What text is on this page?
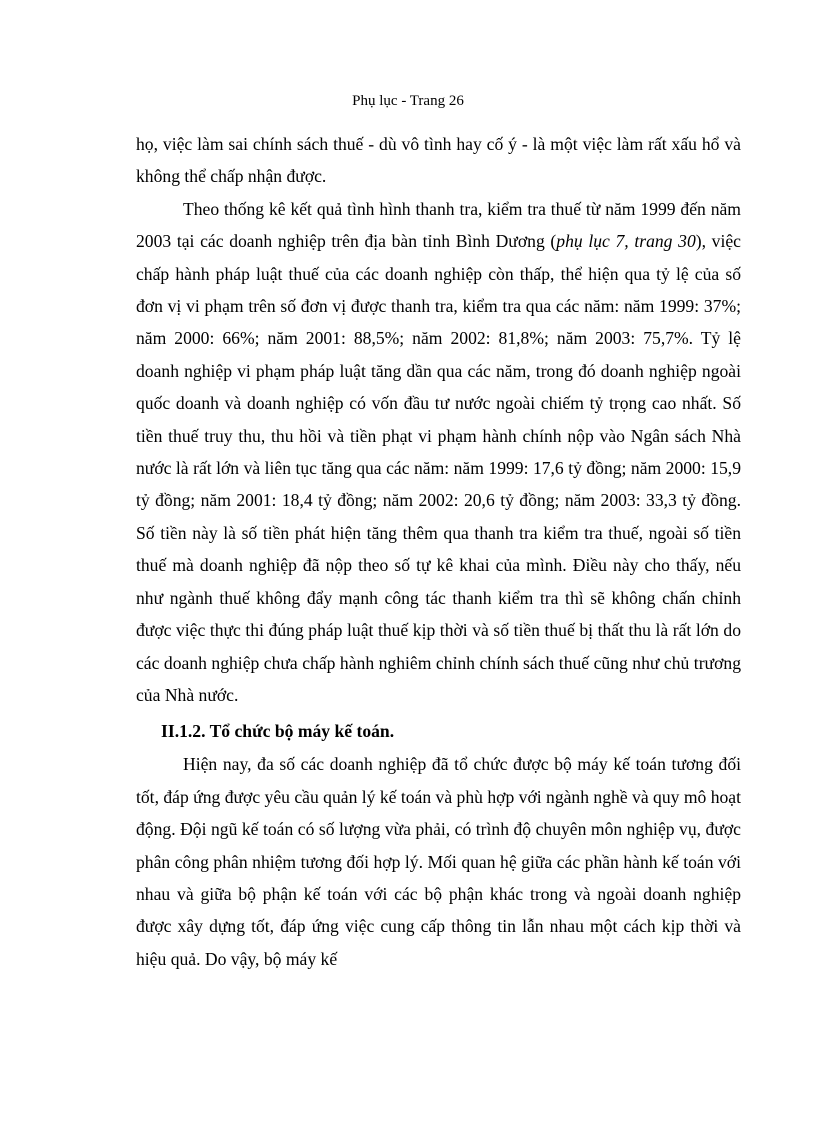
Phụ lục - Trang 26

họ, việc làm sai chính sách thuế - dù vô tình hay cố ý - là một việc làm rất xấu hổ và không thể chấp nhận được.

Theo thống kê kết quả tình hình thanh tra, kiểm tra thuế từ năm 1999 đến năm 2003 tại các doanh nghiệp trên địa bàn tỉnh Bình Dương (phụ lục 7, trang 30), việc chấp hành pháp luật thuế của các doanh nghiệp còn thấp, thể hiện qua tỷ lệ của số đơn vị vi phạm trên số đơn vị được thanh tra, kiểm tra qua các năm: năm 1999: 37%; năm 2000: 66%; năm 2001: 88,5%; năm 2002: 81,8%; năm 2003: 75,7%. Tỷ lệ doanh nghiệp vi phạm pháp luật tăng dần qua các năm, trong đó doanh nghiệp ngoài quốc doanh và doanh nghiệp có vốn đầu tư nước ngoài chiếm tỷ trọng cao nhất. Số tiền thuế truy thu, thu hồi và tiền phạt vi phạm hành chính nộp vào Ngân sách Nhà nước là rất lớn và liên tục tăng qua các năm: năm 1999: 17,6 tỷ đồng; năm 2000: 15,9 tỷ đồng; năm 2001: 18,4 tỷ đồng; năm 2002: 20,6 tỷ đồng; năm 2003: 33,3 tỷ đồng. Số tiền này là số tiền phát hiện tăng thêm qua thanh tra kiểm tra thuế, ngoài số tiền thuế mà doanh nghiệp đã nộp theo số tự kê khai của mình. Điều này cho thấy, nếu như ngành thuế không đẩy mạnh công tác thanh kiểm tra thì sẽ không chấn chỉnh được việc thực thi đúng pháp luật thuế kịp thời và số tiền thuế bị thất thu là rất lớn do các doanh nghiệp chưa chấp hành nghiêm chỉnh chính sách thuế cũng như chủ trương của Nhà nước.

II.1.2. Tổ chức bộ máy kế toán.

Hiện nay, đa số các doanh nghiệp đã tổ chức được bộ máy kế toán tương đối tốt, đáp ứng được yêu cầu quản lý kế toán và phù hợp với ngành nghề và quy mô hoạt động. Đội ngũ kế toán có số lượng vừa phải, có trình độ chuyên môn nghiệp vụ, được phân công phân nhiệm tương đối hợp lý. Mối quan hệ giữa các phần hành kế toán với nhau và giữa bộ phận kế toán với các bộ phận khác trong và ngoài doanh nghiệp được xây dựng tốt, đáp ứng việc cung cấp thông tin lẫn nhau một cách kịp thời và hiệu quả. Do vậy, bộ máy kế
